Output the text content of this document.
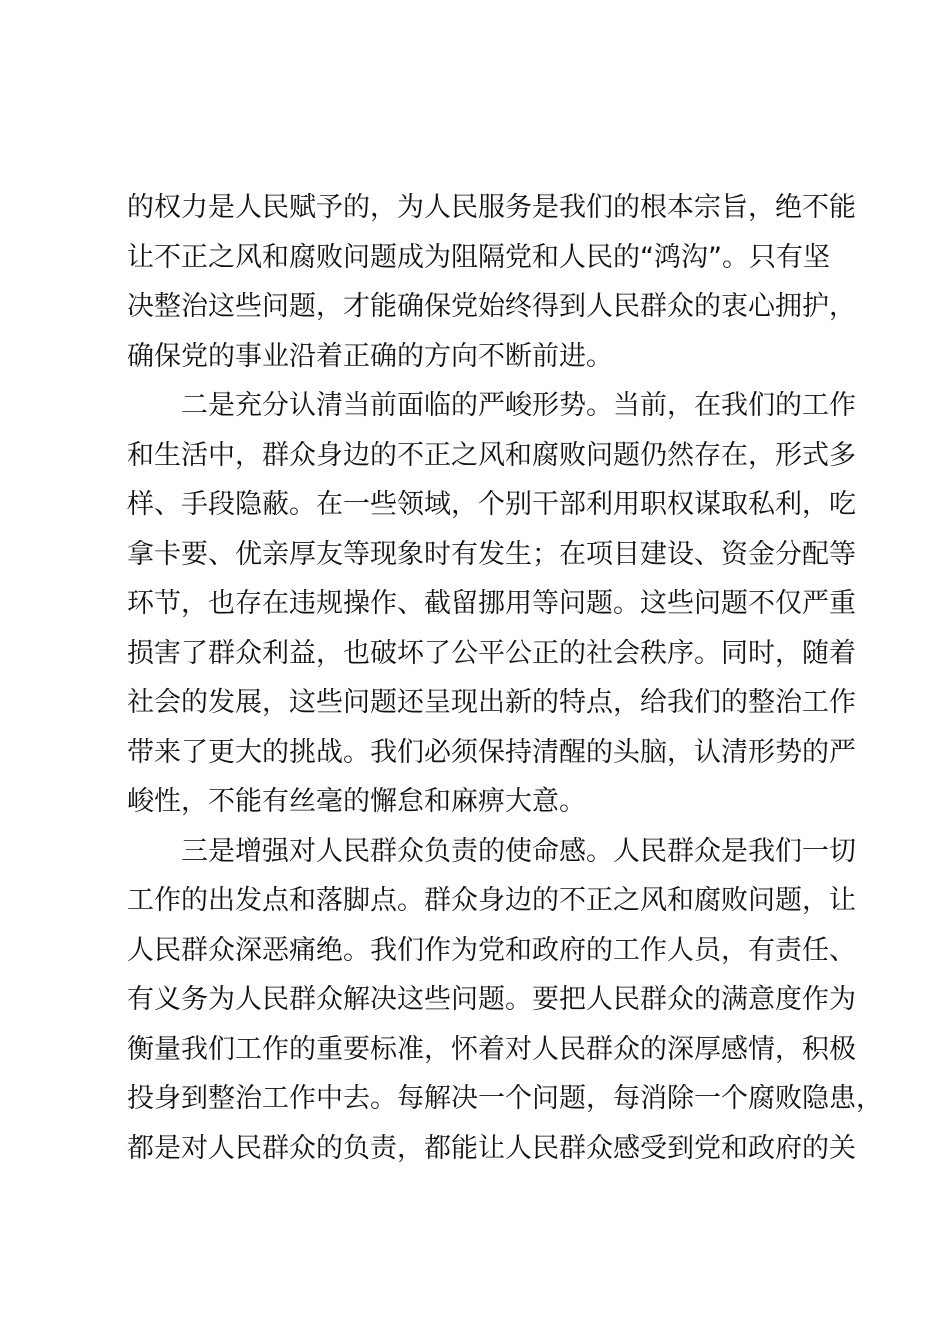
的权力是人民赋予的，为人民服务是我们的根本宗旨，绝不能
让不正之风和腐败问题成为阻隔党和人民的“鸿沟”。只有坚
决整治这些问题，才能确保党始终得到人民群众的衷心拥护，
确保党的事业沿着正确的方向不断前进。
二是充分认清当前面临的严峻形势。当前，在我们的工作
和生活中，群众身边的不正之风和腐败问题仍然存在，形式多
样、手段隐蔽。在一些领域，个别干部利用职权谋取私利，吃
拿卡要、优亲厚友等现象时有发生；在项目建设、资金分配等
环节，也存在违规操作、截留挪用等问题。这些问题不仅严重
损害了群众利益，也破坏了公平公正的社会秩序。同时，随着
社会的发展，这些问题还呈现出新的特点，给我们的整治工作
带来了更大的挑战。我们必须保持清醒的头脑，认清形势的严
峻性，不能有丝毫的懈怠和麻痹大意。
三是增强对人民群众负责的使命感。人民群众是我们一切
工作的出发点和落脚点。群众身边的不正之风和腐败问题，让
人民群众深恶痛绝。我们作为党和政府的工作人员，有责任、
有义务为人民群众解决这些问题。要把人民群众的满意度作为
衡量我们工作的重要标准，怀着对人民群众的深厚感情，积极
投身到整治工作中去。每解决一个问题，每消除一个腐败隐患，
都是对人民群众的负责，都能让人民群众感受到党和政府的关
